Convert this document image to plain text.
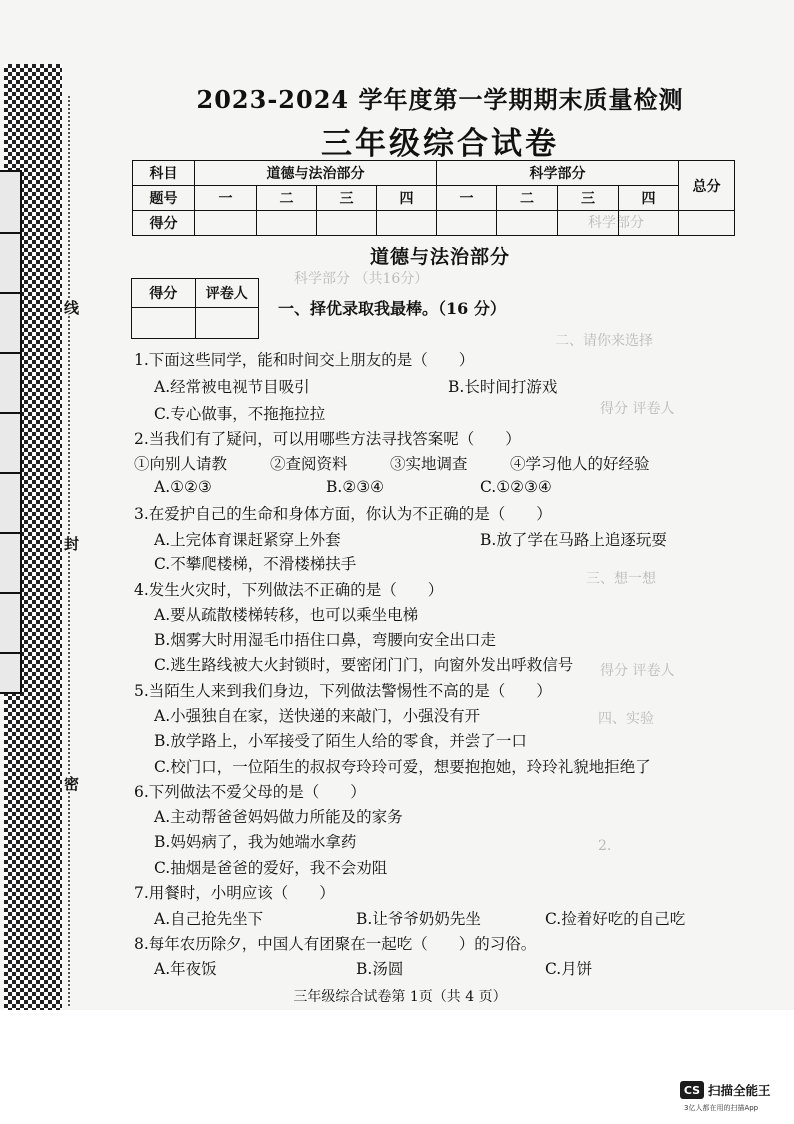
线
封
密
科学部分
科学部分 （共16分）
二、请你来选择
得分 评卷人
三、想一想
得分 评卷人
四、实验
2.
2023-2024 学年度第一学期期末质量检测
三年级综合试卷
科目	道德与法治部分				科学部分				总分
题号	一	二	三	四	一	二	三	四	
得分									
道德与法治部分
得分	评卷人

一、择优录取我最棒。（16 分）
1.下面这些同学，能和时间交上朋友的是（　　）
A.经常被电视节目吸引	B.长时间打游戏
C.专心做事，不拖拖拉拉
2.当我们有了疑问，可以用哪些方法寻找答案呢（　　）
①向别人请教	②查阅资料	③实地调查	④学习他人的好经验
A.①②③	B.②③④	C.①②③④
3.在爱护自己的生命和身体方面，你认为不正确的是（　　）
A.上完体育课赶紧穿上外套	B.放了学在马路上追逐玩耍
C.不攀爬楼梯，不滑楼梯扶手
4.发生火灾时，下列做法不正确的是（　　）
A.要从疏散楼梯转移，也可以乘坐电梯
B.烟雾大时用湿毛巾捂住口鼻，弯腰向安全出口走
C.逃生路线被大火封锁时，要密闭门门，向窗外发出呼救信号
5.当陌生人来到我们身边，下列做法警惕性不高的是（　　）
A.小强独自在家，送快递的来敲门，小强没有开
B.放学路上，小军接受了陌生人给的零食，并尝了一口
C.校门口，一位陌生的叔叔夸玲玲可爱，想要抱抱她，玲玲礼貌地拒绝了
6.下列做法不爱父母的是（　　）
A.主动帮爸爸妈妈做力所能及的家务
B.妈妈病了，我为她端水拿药
C.抽烟是爸爸的爱好，我不会劝阻
7.用餐时，小明应该（　　）
A.自己抢先坐下	B.让爷爷奶奶先坐	C.捡着好吃的自己吃
8.每年农历除夕，中国人有团聚在一起吃（　　）的习俗。
A.年夜饭	B.汤圆	C.月饼
三年级综合试卷第 1页（共 4 页）
CS 扫描全能王
3亿人都在用的扫描App
